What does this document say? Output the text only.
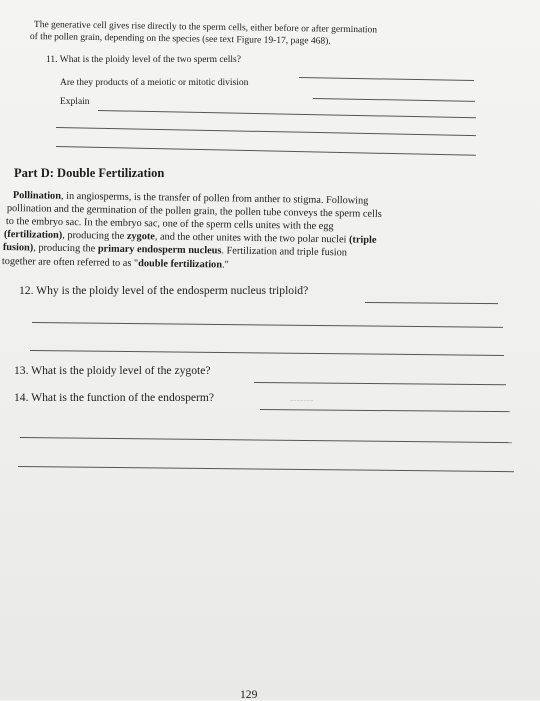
-------
The generative cell gives rise directly to the sperm cells, either before or after germination
of the pollen grain, depending on the species (see text Figure 19-17, page 468).
11. What is the ploidy level of the two sperm cells?
Are they products of a meiotic or mitotic division
Explain
Part D: Double Fertilization
Pollination, in angiosperms, is the transfer of pollen from anther to stigma. Following
pollination and the germination of the pollen grain, the pollen tube conveys the sperm cells
to the embryo sac. In the embryo sac, one of the sperm cells unites with the egg
(fertilization), producing the zygote, and the other unites with the two polar nuclei (triple
fusion), producing the primary endosperm nucleus. Fertilization and triple fusion
together are often referred to as "double fertilization."
12. Why is the ploidy level of the endosperm nucleus triploid?
13. What is the ploidy level of the zygote?
14. What is the function of the endosperm?
129
